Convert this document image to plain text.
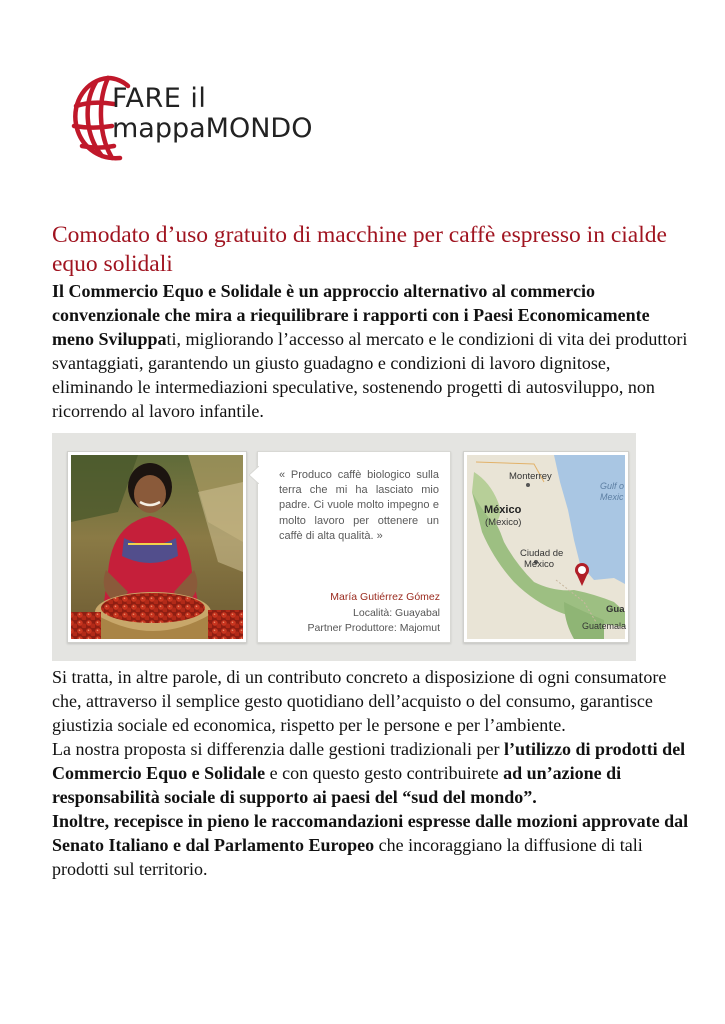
FARE il
mappaMONDO
Comodato d’uso gratuito di macchine per caffè espresso in cialde equo solidali

Il Commercio Equo e Solidale è un approccio alternativo al commercio convenzionale che mira a riequilibrare i rapporti con i Paesi Economicamente meno Sviluppati, migliorando l’accesso al mercato e le condizioni di vita dei produttori svantaggiati, garantendo un giusto guadagno e condizioni di lavoro dignitose, eliminando le intermediazioni speculative, sostenendo progetti di autosviluppo, non ricorrendo al lavoro infantile.

« Produco caffè biologico sulla terra che mi ha lasciato mio padre. Ci vuole molto impegno e molto lavoro per ottenere un caffè di alta qualità. »
María Gutiérrez Gómez
Località: Guayabal
Partner Produttore: Majomut
Monterrey
Gulf o
Mexic
México
(Mexico)
Ciudad de
México
Gua
Guatemala

Si tratta, in altre parole, di un contributo concreto a disposizione di ogni consumatore che, attraverso il semplice gesto quotidiano dell’acquisto o del consumo, garantisce giustizia sociale ed economica, rispetto per le persone e per l’ambiente.

La nostra proposta si differenzia dalle gestioni tradizionali per l’utilizzo di prodotti del Commercio Equo e Solidale e con questo gesto contribuirete ad un’azione di responsabilità sociale di supporto ai paesi del “sud del mondo”.

Inoltre, recepisce in pieno le raccomandazioni espresse dalle mozioni approvate dal Senato Italiano e dal Parlamento Europeo che incoraggiano la diffusione di tali prodotti sul territorio.
